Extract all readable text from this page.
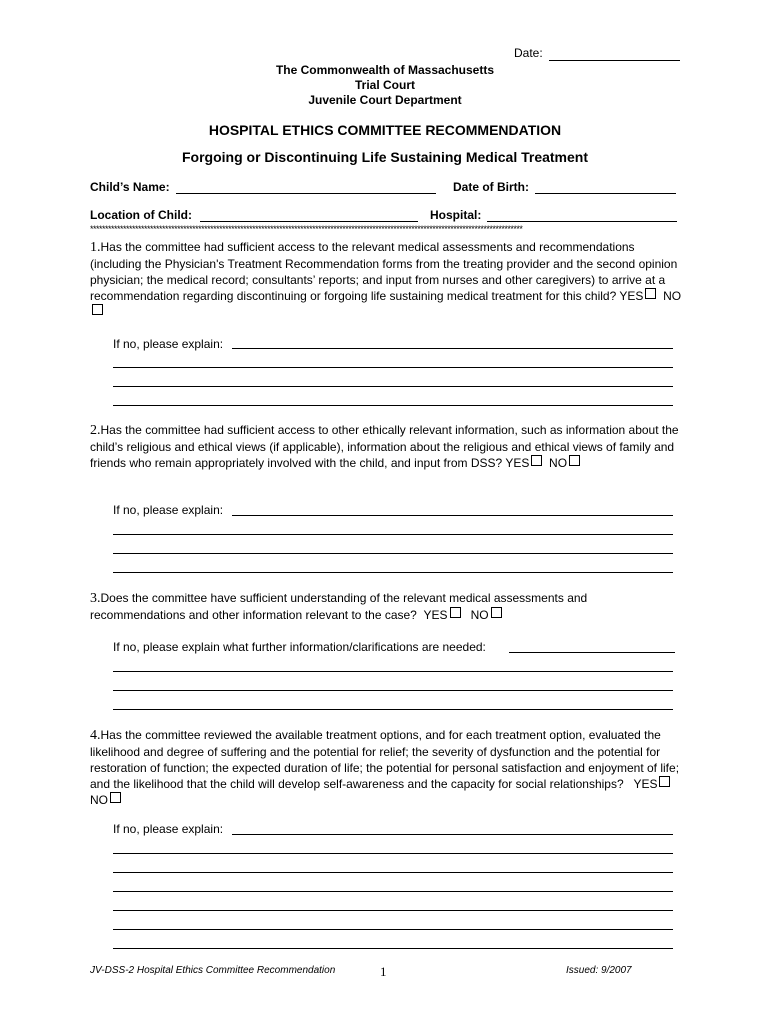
Date:
The Commonwealth of Massachusetts
Trial Court
Juvenile Court Department
HOSPITAL ETHICS COMMITTEE RECOMMENDATION
Forgoing or Discontinuing Life Sustaining Medical Treatment
Child’s Name:	Date of Birth:
Location of Child:	Hospital:
************************************************************************************************************************************************
1.Has the committee had sufficient access to the relevant medical assessments and recommendations (including the Physician's Treatment Recommendation forms from the treating provider and the second opinion physician; the medical record; consultants’ reports; and input from nurses and other caregivers) to arrive at a recommendation regarding discontinuing or forgoing life sustaining medical treatment for this child? YES NO
If no, please explain:
2.Has the committee had sufficient access to other ethically relevant information, such as information about the child’s religious and ethical views (if applicable), information about the religious and ethical views of family and friends who remain appropriately involved with the child, and input from DSS? YES NO
If no, please explain:
3.Does the committee have sufficient understanding of the relevant medical assessments and recommendations and other information relevant to the case? YES NO
If no, please explain what further information/clarifications are needed:
4.Has the committee reviewed the available treatment options, and for each treatment option, evaluated the likelihood and degree of suffering and the potential for relief; the severity of dysfunction and the potential for restoration of function; the expected duration of life; the potential for personal satisfaction and enjoyment of life; and the likelihood that the child will develop self-awareness and the capacity for social relationships? YES   NO
If no, please explain:
JV-DSS-2 Hospital Ethics Committee Recommendation	1	Issued: 9/2007
